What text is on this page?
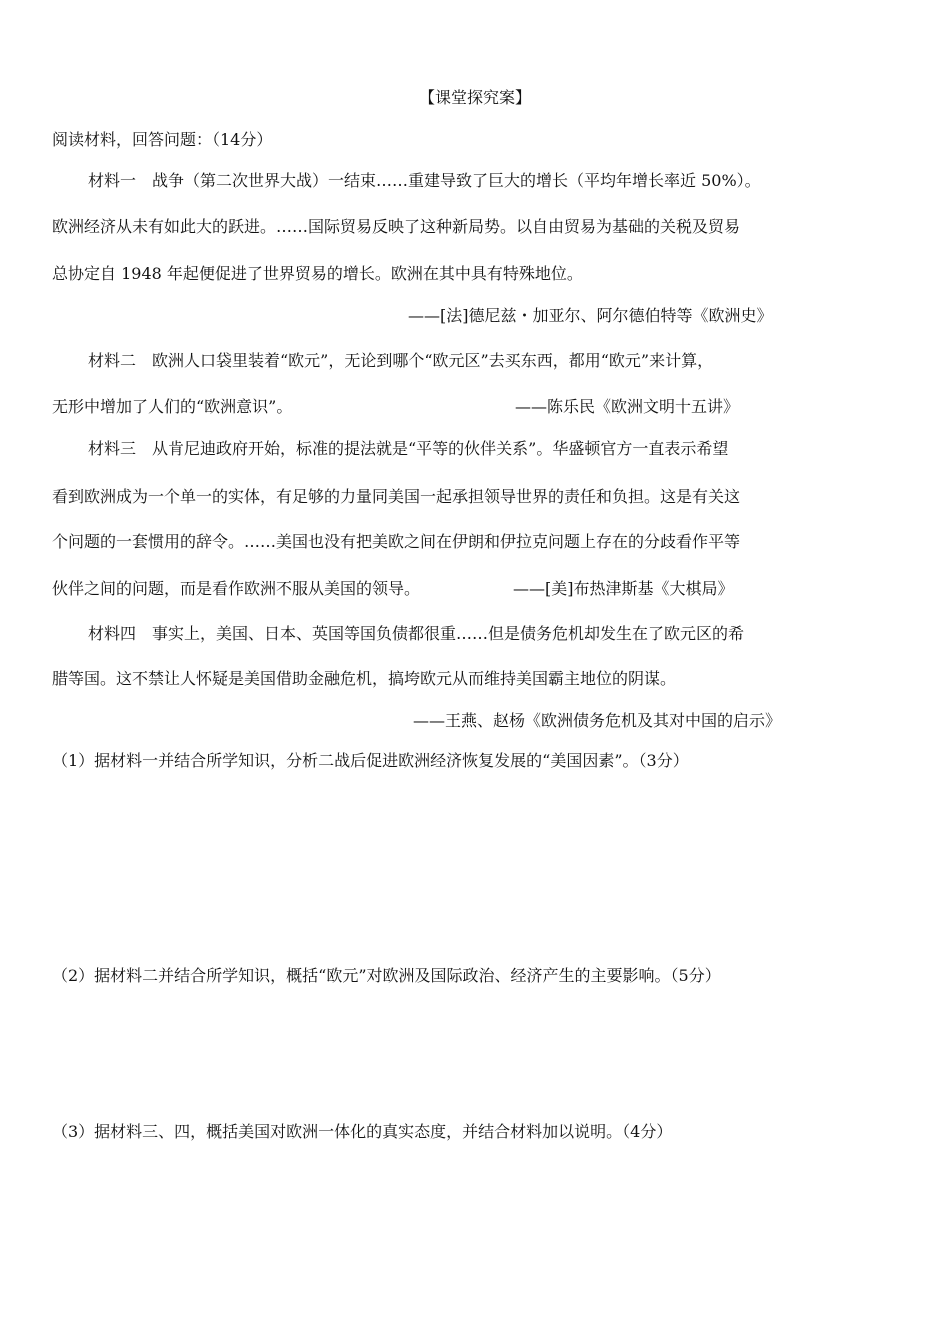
【课堂探究案】
阅读材料，回答问题：（14分）
材料一　战争（第二次世界大战）一结束……重建导致了巨大的增长（平均年增长率近 50%）。
欧洲经济从未有如此大的跃进。……国际贸易反映了这种新局势。以自由贸易为基础的关税及贸易
总协定自 1948 年起便促进了世界贸易的增长。欧洲在其中具有特殊地位。
——[法]德尼兹・加亚尔、阿尔德伯特等《欧洲史》
材料二　欧洲人口袋里装着“欧元”，无论到哪个“欧元区”去买东西，都用“欧元”来计算，
无形中增加了人们的“欧洲意识”。	——陈乐民《欧洲文明十五讲》
材料三　从肯尼迪政府开始，标准的提法就是“平等的伙伴关系”。华盛顿官方一直表示希望
看到欧洲成为一个单一的实体，有足够的力量同美国一起承担领导世界的责任和负担。这是有关这
个问题的一套惯用的辞令。……美国也没有把美欧之间在伊朗和伊拉克问题上存在的分歧看作平等
伙伴之间的问题，而是看作欧洲不服从美国的领导。	——[美]布热津斯基《大棋局》
材料四　事实上，美国、日本、英国等国负债都很重……但是债务危机却发生在了欧元区的希
腊等国。这不禁让人怀疑是美国借助金融危机，搞垮欧元从而维持美国霸主地位的阴谋。
——王燕、赵杨《欧洲债务危机及其对中国的启示》
（1）据材料一并结合所学知识，分析二战后促进欧洲经济恢复发展的“美国因素”。（3分）
（2）据材料二并结合所学知识，概括“欧元”对欧洲及国际政治、经济产生的主要影响。（5分）
（3）据材料三、四，概括美国对欧洲一体化的真实态度，并结合材料加以说明。（4分）
